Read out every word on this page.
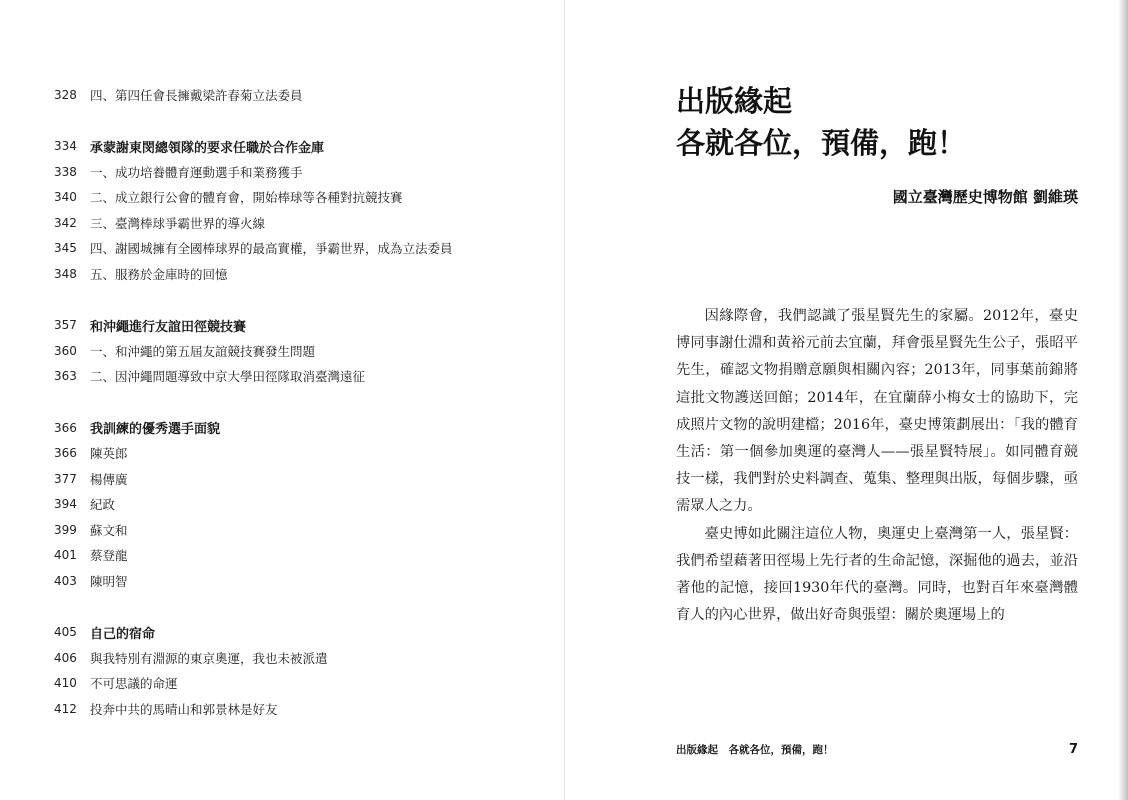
328	四、第四任會長擁戴梁許春菊立法委員
334	承蒙謝東閔總領隊的要求任職於合作金庫
338	一、成功培養體育運動選手和業務獲手
340	二、成立銀行公會的體育會，開始棒球等各種對抗競技賽
342	三、臺灣棒球爭霸世界的導火線
345	四、謝國城擁有全國棒球界的最高實權，爭霸世界，成為立法委員
348	五、服務於金庫時的回憶
357	和沖繩進行友誼田徑競技賽
360	一、和沖繩的第五屆友誼競技賽發生問題
363	二、因沖繩問題導致中京大學田徑隊取消臺灣遠征
366	我訓練的優秀選手面貌
366	陳英郎
377	楊傳廣
394	紀政
399	蘇文和
401	蔡登龍
403	陳明智
405	自己的宿命
406	與我特別有淵源的東京奧運，我也未被派遣
410	不可思議的命運
412	投奔中共的馬晴山和郭景林是好友
出版緣起
各就各位，預備，跑！
國立臺灣歷史博物館 劉維瑛

因緣際會，我們認識了張星賢先生的家屬。2012年，臺史博同事謝仕淵和黃裕元前去宜蘭，拜會張星賢先生公子，張昭平先生，確認文物捐贈意願與相關內容；2013年，同事葉前錦將這批文物護送回館；2014年，在宜蘭薛小梅女士的協助下，完成照片文物的說明建檔；2016年，臺史博策劃展出：「我的體育生活：第一個參加奧運的臺灣人——張星賢特展」。如同體育競技一樣，我們對於史料調查、蒐集、整理與出版，每個步驟，亟需眾人之力。

臺史博如此關注這位人物，奧運史上臺灣第一人，張星賢：我們希望藉著田徑場上先行者的生命記憶，深掘他的過去，並沿著他的記憶，接回1930年代的臺灣。同時，也對百年來臺灣體育人的內心世界，做出好奇與張望：關於奧運場上的

出版緣起　各就各位，預備，跑！	7
